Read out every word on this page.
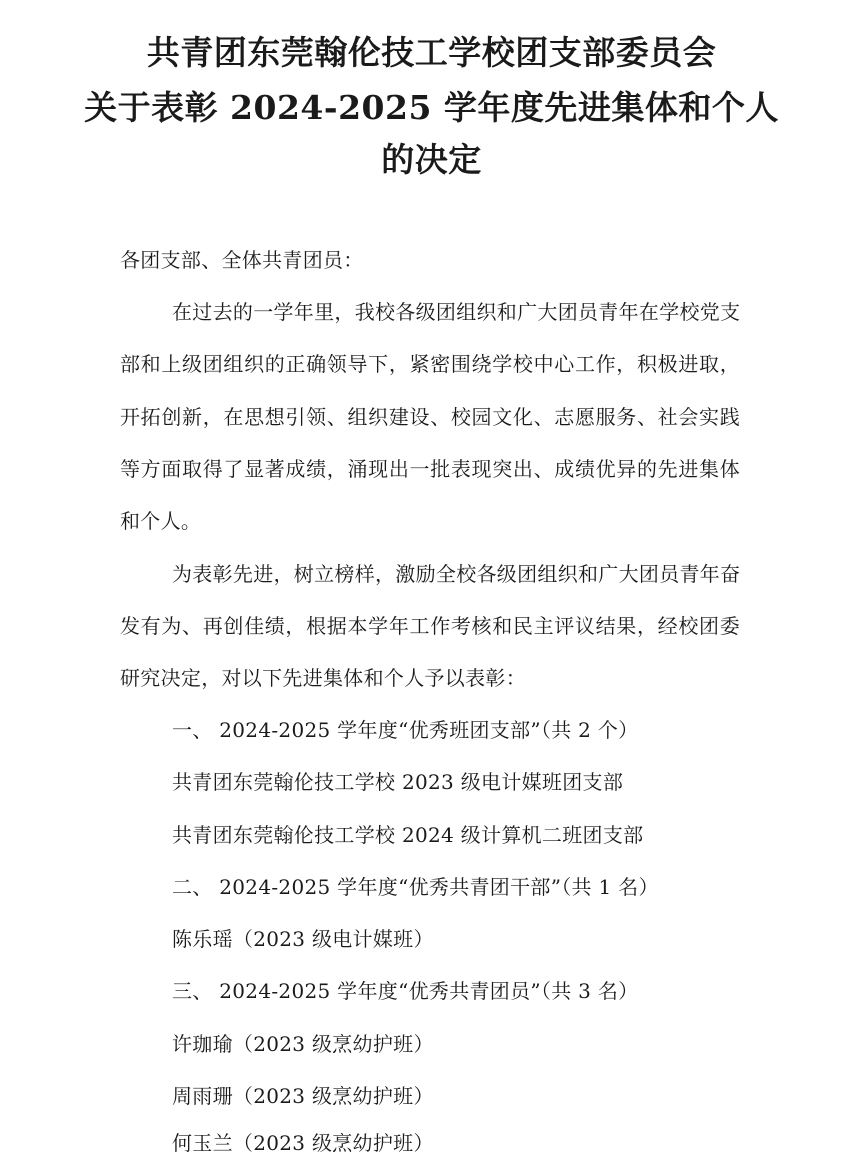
共青团东莞翰伦技工学校团支部委员会
关于表彰 2024-2025 学年度先进集体和个人
的决定
各团支部、全体共青团员：
在过去的一学年里，我校各级团组织和广大团员青年在学校党支
部和上级团组织的正确领导下，紧密围绕学校中心工作，积极进取，
开拓创新，在思想引领、组织建设、校园文化、志愿服务、社会实践
等方面取得了显著成绩，涌现出一批表现突出、成绩优异的先进集体
和个人。
为表彰先进，树立榜样，激励全校各级团组织和广大团员青年奋
发有为、再创佳绩，根据本学年工作考核和民主评议结果，经校团委
研究决定，对以下先进集体和个人予以表彰：
一、 2024-2025 学年度“优秀班团支部”（共 2 个）
共青团东莞翰伦技工学校 2023 级电计媒班团支部
共青团东莞翰伦技工学校 2024 级计算机二班团支部
二、 2024-2025 学年度“优秀共青团干部”（共 1 名）
陈乐瑶（2023 级电计媒班）
三、 2024-2025 学年度“优秀共青团员”（共 3 名）
许珈瑜（2023 级烹幼护班）
周雨珊（2023 级烹幼护班）
何玉兰（2023 级烹幼护班）
